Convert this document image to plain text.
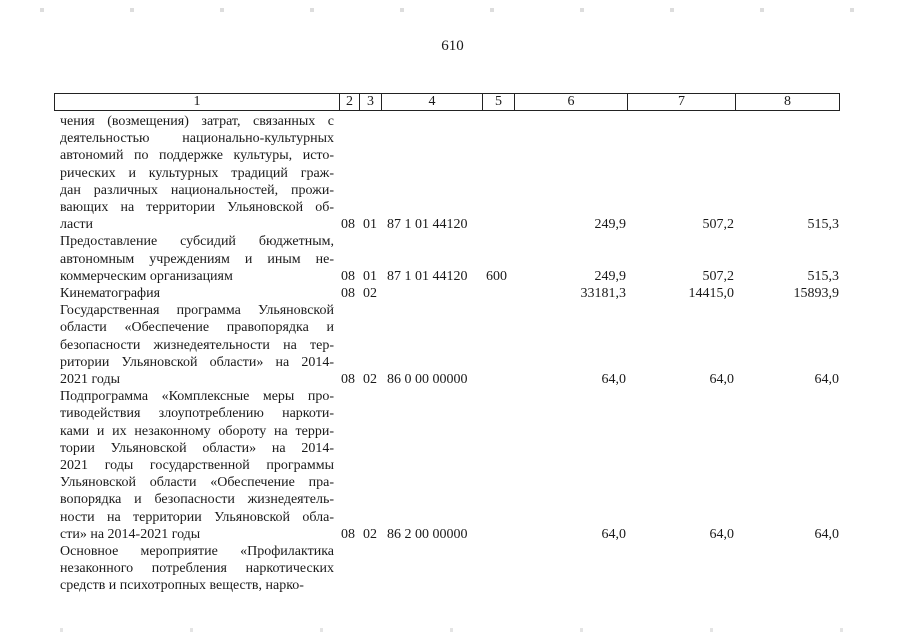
610
1	2	3	4	5	6	7	8
чения (возмещения) затрат, связанных с
деятельностью национально-культурных
автономий по поддержке культуры, исто-
рических и культурных традиций граж-
дан различных национальностей, прожи-
вающих на территории Ульяновской об-
ласти	08 01 87 1 01 44120	249,9	507,2	515,3
Предоставление субсидий бюджетным,
автономным учреждениям и иным не-
коммерческим организациям	08 01 87 1 01 44120 600	249,9	507,2	515,3
Кинематография	08 02	33181,3	14415,0	15893,9
Государственная программа Ульяновской
области «Обеспечение правопорядка и
безопасности жизнедеятельности на тер-
ритории Ульяновской области» на 2014-
2021 годы	08 02 86 0 00 00000	64,0	64,0	64,0
Подпрограмма «Комплексные меры про-
тиводействия злоупотреблению наркоти-
ками и их незаконному обороту на терри-
тории Ульяновской области» на 2014-
2021 годы государственной программы
Ульяновской области «Обеспечение пра-
вопорядка и безопасности жизнедеятель-
ности на территории Ульяновской обла-
сти» на 2014-2021 годы	08 02 86 2 00 00000	64,0	64,0	64,0
Основное мероприятие «Профилактика
незаконного потребления наркотических
средств и психотропных веществ, нарко-
